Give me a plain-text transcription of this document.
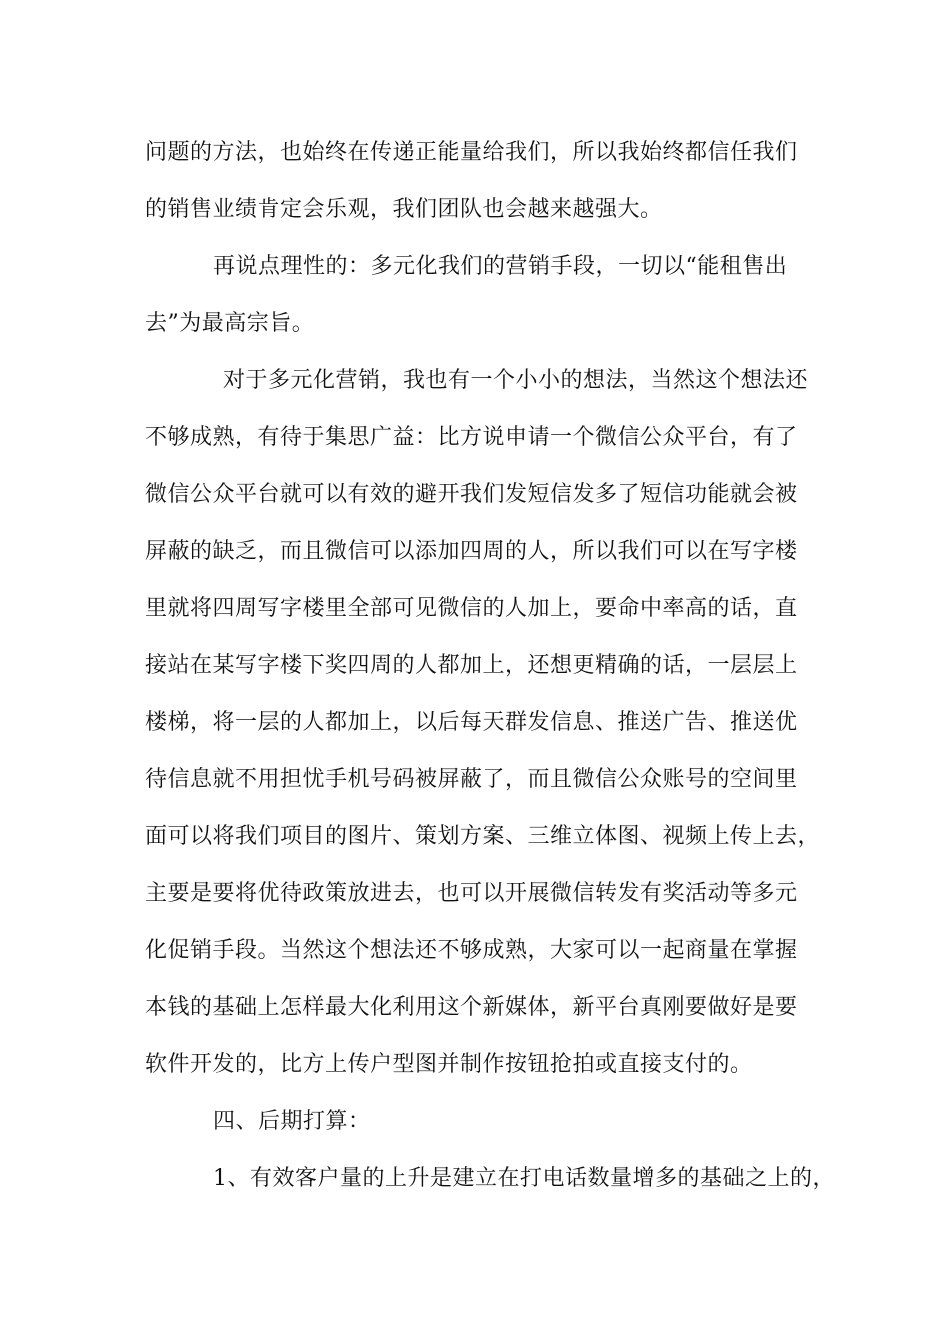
问题的方法，也始终在传递正能量给我们，所以我始终都信任我们
的销售业绩肯定会乐观，我们团队也会越来越强大。
再说点理性的：多元化我们的营销手段，一切以“能租售出
去”为最高宗旨。
对于多元化营销，我也有一个小小的想法，当然这个想法还
不够成熟，有待于集思广益：比方说申请一个微信公众平台，有了
微信公众平台就可以有效的避开我们发短信发多了短信功能就会被
屏蔽的缺乏，而且微信可以添加四周的人，所以我们可以在写字楼
里就将四周写字楼里全部可见微信的人加上，要命中率高的话，直
接站在某写字楼下奖四周的人都加上，还想更精确的话，一层层上
楼梯，将一层的人都加上，以后每天群发信息、推送广告、推送优
待信息就不用担忧手机号码被屏蔽了，而且微信公众账号的空间里
面可以将我们项目的图片、策划方案、三维立体图、视频上传上去，
主要是要将优待政策放进去，也可以开展微信转发有奖活动等多元
化促销手段。当然这个想法还不够成熟，大家可以一起商量在掌握
本钱的基础上怎样最大化利用这个新媒体，新平台真刚要做好是要
软件开发的，比方上传户型图并制作按钮抢拍或直接支付的。
四、后期打算：
1、有效客户量的上升是建立在打电话数量增多的基础之上的，
